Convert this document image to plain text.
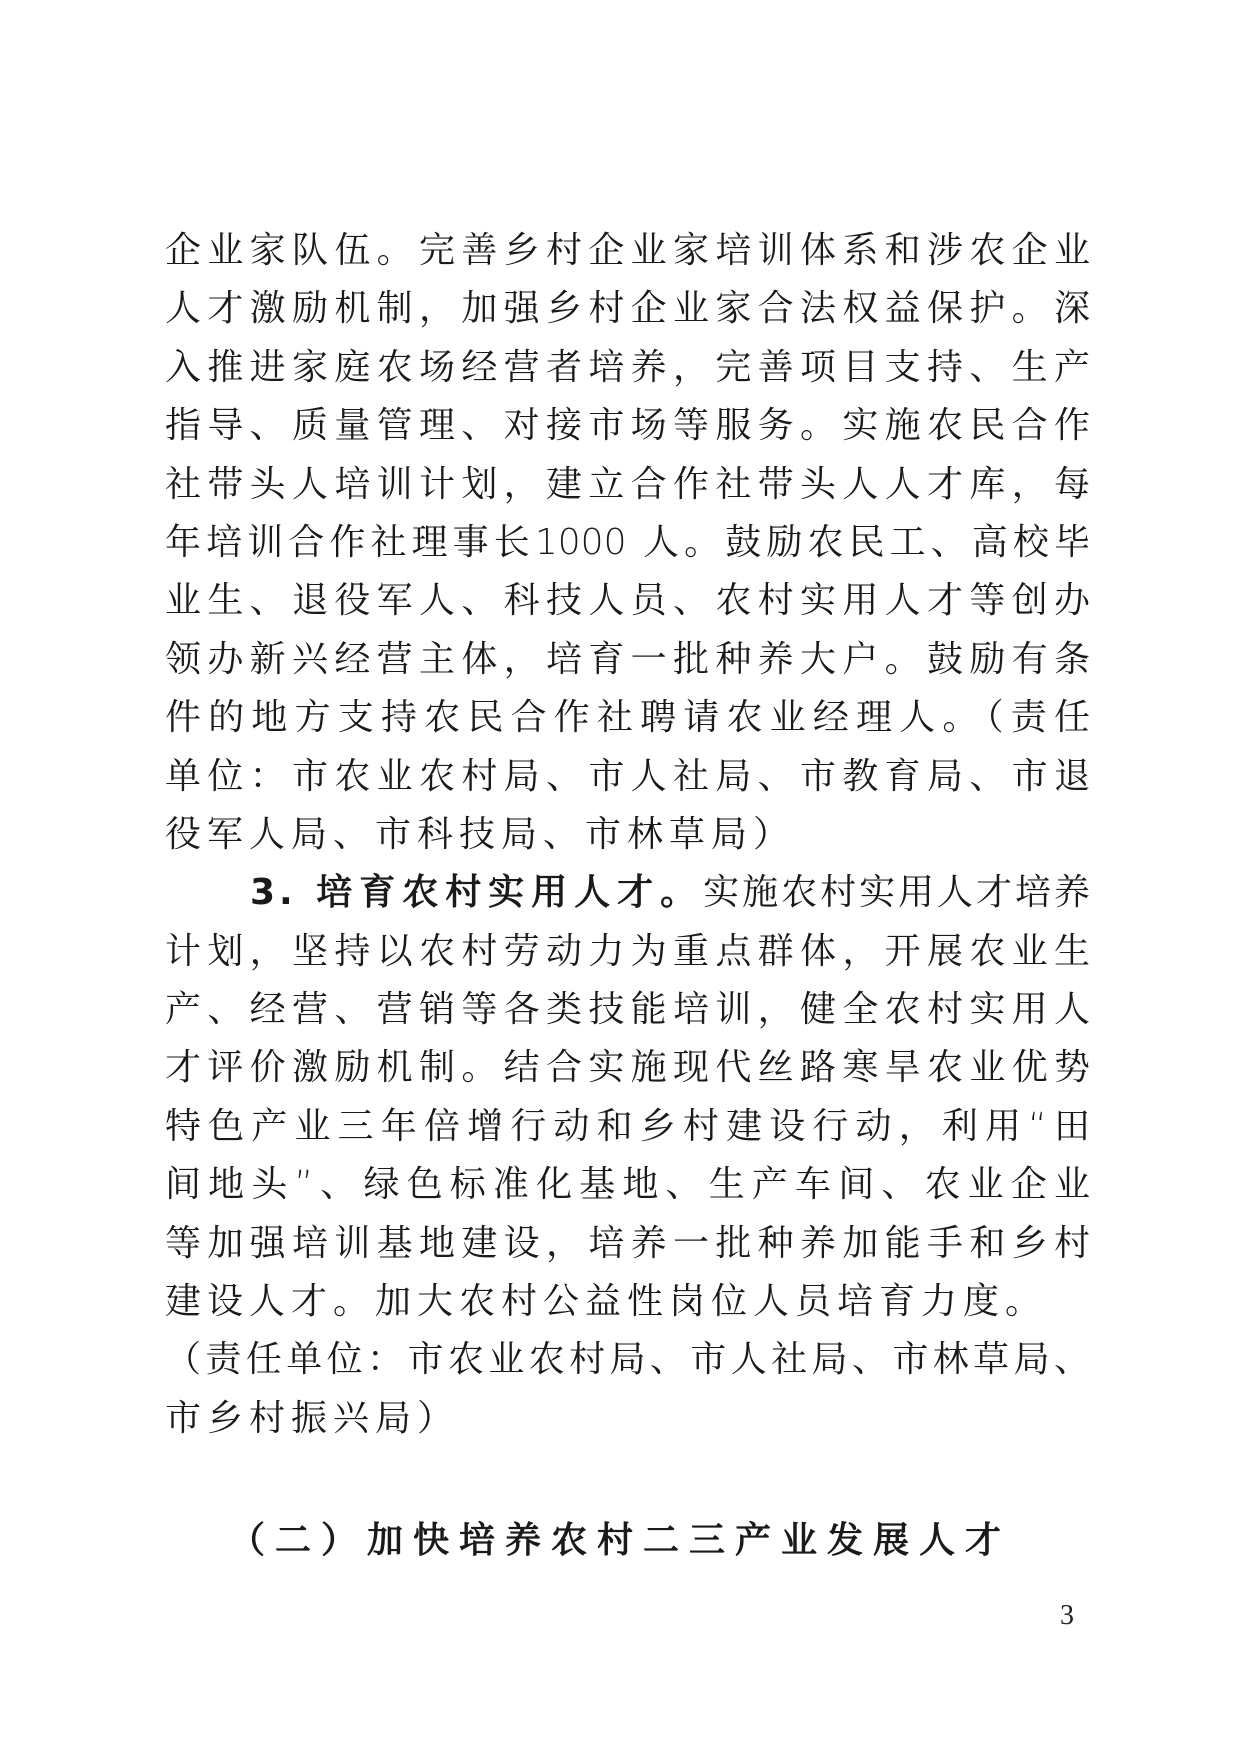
企业家队伍。完善乡村企业家培训体系和涉农企业
人才激励机制，加强乡村企业家合法权益保护。深
入推进家庭农场经营者培养，完善项目支持、生产
指导、质量管理、对接市场等服务。实施农民合作
社带头人培训计划，建立合作社带头人人才库，每
年培训合作社理事长1000 人。鼓励农民工、高校毕
业生、退役军人、科技人员、农村实用人才等创办
领办新兴经营主体，培育一批种养大户。鼓励有条
件的地方支持农民合作社聘请农业经理人。（责任
单位：市农业农村局、市人社局、市教育局、市退
役军人局、市科技局、市林草局）
3. 培育农村实用人才。实施农村实用人才培养
计划，坚持以农村劳动力为重点群体，开展农业生
产、经营、营销等各类技能培训，健全农村实用人
才评价激励机制。结合实施现代丝路寒旱农业优势
特色产业三年倍增行动和乡村建设行动，利用“田
间地头”、绿色标准化基地、生产车间、农业企业
等加强培训基地建设，培养一批种养加能手和乡村
建设人才。加大农村公益性岗位人员培育力度。
（责任单位：市农业农村局、市人社局、市林草局、
市乡村振兴局）
（二）加快培养农村二三产业发展人才
3
